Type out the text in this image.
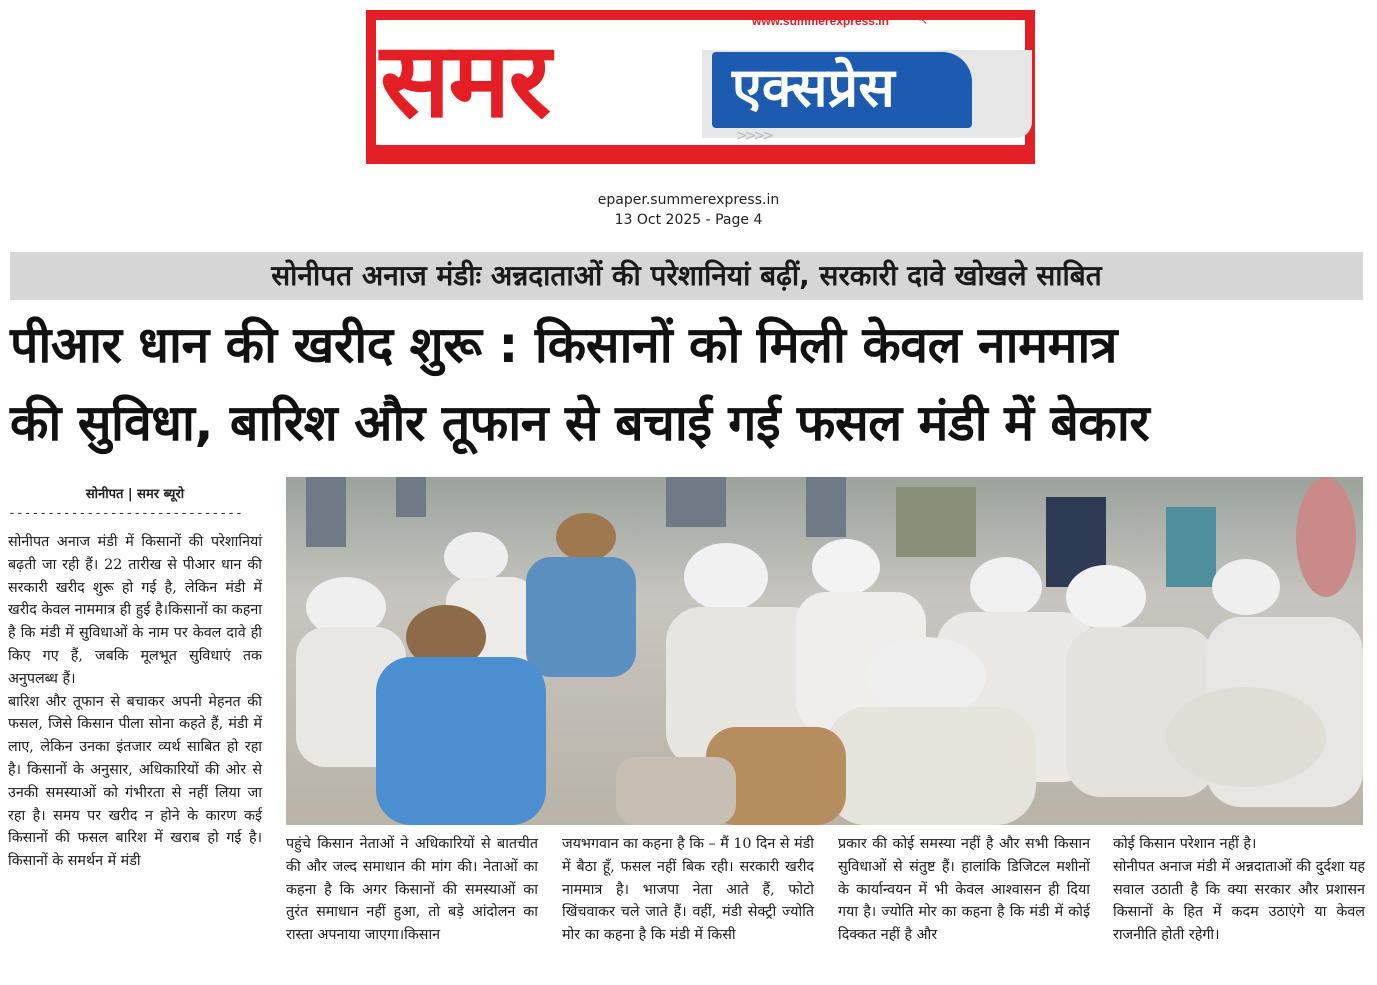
समर	एक्सप्रेस
www.summerexpress.in ↖
>>>>
epaper.summerexpress.in
13 Oct 2025 - Page 4
सोनीपत अनाज मंडीः अन्नदाताओं की परेशानियां बढ़ीं, सरकारी दावे खोखले साबित
पीआर धान की खरीद शुरू : किसानों को मिली केवल नाममात्र
की सुविधा, बारिश और तूफान से बचाई गई फसल मंडी में बेकार
सोनीपत | समर ब्यूरो
------------------------------

सोनीपत अनाज मंडी में किसानों की परेशानियां बढ़ती जा रही हैं। 22 तारीख से पीआर धान की सरकारी खरीद शुरू हो गई है, लेकिन मंडी में खरीद केवल नाममात्र ही हुई है।किसानों का कहना है कि मंडी में सुविधाओं के नाम पर केवल दावे ही किए गए हैं, जबकि मूलभूत सुविधाएं तक अनुपलब्ध हैं।

बारिश और तूफान से बचाकर अपनी मेहनत की फसल, जिसे किसान पीला सोना कहते हैं, मंडी में लाए, लेकिन उनका इंतजार व्यर्थ साबित हो रहा है। किसानों के अनुसार, अधिकारियों की ओर से उनकी समस्याओं को गंभीरता से नहीं लिया जा रहा है। समय पर खरीद न होने के कारण कई किसानों की फसल बारिश में खराब हो गई है।किसानों के समर्थन में मंडी

पहुंचे किसान नेताओं ने अधिकारियों से बातचीत की और जल्द समाधान की मांग की। नेताओं का कहना है कि अगर किसानों की समस्याओं का तुरंत समाधान नहीं हुआ, तो बड़े आंदोलन का रास्ता अपनाया जाएगा।किसान
जयभगवान का कहना है कि – मैं 10 दिन से मंडी में बैठा हूँ, फसल नहीं बिक रही। सरकारी खरीद नाममात्र है। भाजपा नेता आते हैं, फोटो खिंचवाकर चले जाते हैं। वहीं, मंडी सेक्ट्री ज्योति मोर का कहना है कि मंडी में किसी
प्रकार की कोई समस्या नहीं है और सभी किसान सुविधाओं से संतुष्ट हैं। हालांकि डिजिटल मशीनों के कार्यान्वयन में भी केवल आश्वासन ही दिया गया है। ज्योति मोर का कहना है कि मंडी में कोई दिक्कत नहीं है और

कोई किसान परेशान नहीं है।

सोनीपत अनाज मंडी में अन्नदाताओं की दुर्दशा यह सवाल उठाती है कि क्या सरकार और प्रशासन किसानों के हित में कदम उठाएंगे या केवल राजनीति होती रहेगी।
